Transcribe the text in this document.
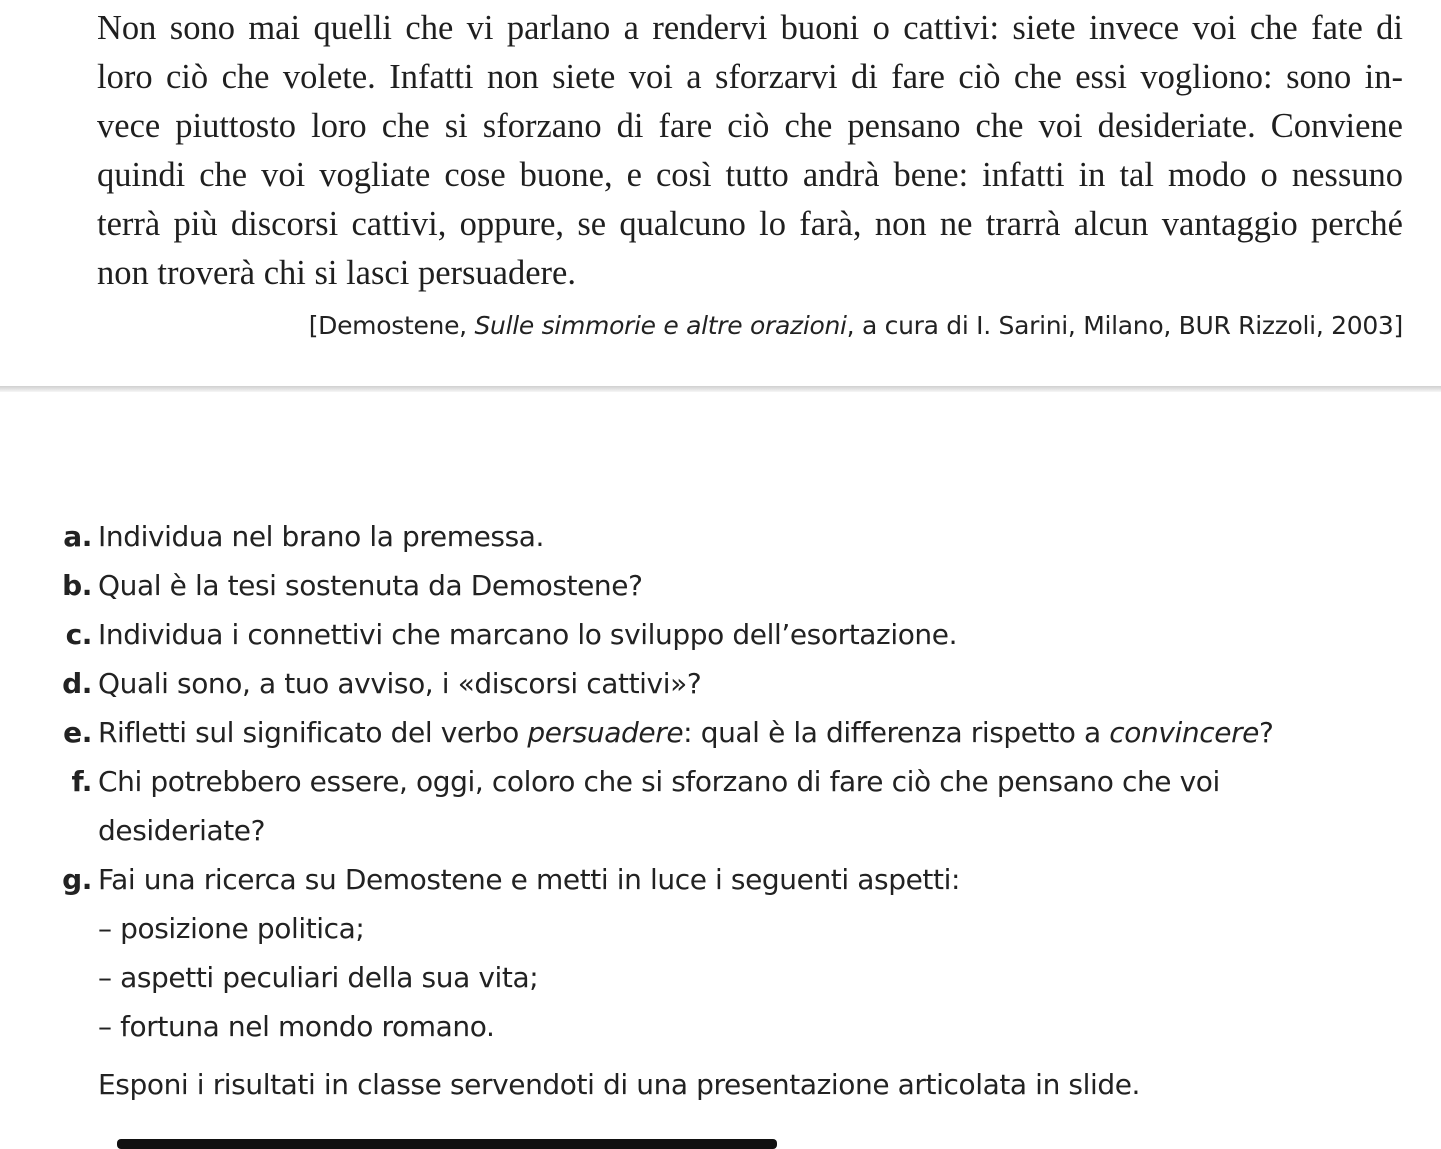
Non sono mai quelli che vi parlano a rendervi buoni o cattivi: siete invece voi che fate di
loro ciò che volete. Infatti non siete voi a sforzarvi di fare ciò che essi vogliono: sono in-
vece piuttosto loro che si sforzano di fare ciò che pensano che voi desideriate. Conviene
quindi che voi vogliate cose buone, e così tutto andrà bene: infatti in tal modo o nessuno
terrà più discorsi cattivi, oppure, se qualcuno lo farà, non ne trarrà alcun vantaggio perché
non troverà chi si lasci persuadere.
[Demostene, Sulle simmorie e altre orazioni, a cura di I. Sarini, Milano, BUR Rizzoli, 2003]
a. Individua nel brano la premessa.
b. Qual è la tesi sostenuta da Demostene?
c. Individua i connettivi che marcano lo sviluppo dell’esortazione.
d. Quali sono, a tuo avviso, i «discorsi cattivi»?
e. Rifletti sul significato del verbo persuadere: qual è la differenza rispetto a convincere?
f. Chi potrebbero essere, oggi, coloro che si sforzano di fare ciò che pensano che voi
desideriate?
g. Fai una ricerca su Demostene e metti in luce i seguenti aspetti:
– posizione politica;
– aspetti peculiari della sua vita;
– fortuna nel mondo romano.
Esponi i risultati in classe servendoti di una presentazione articolata in slide.
